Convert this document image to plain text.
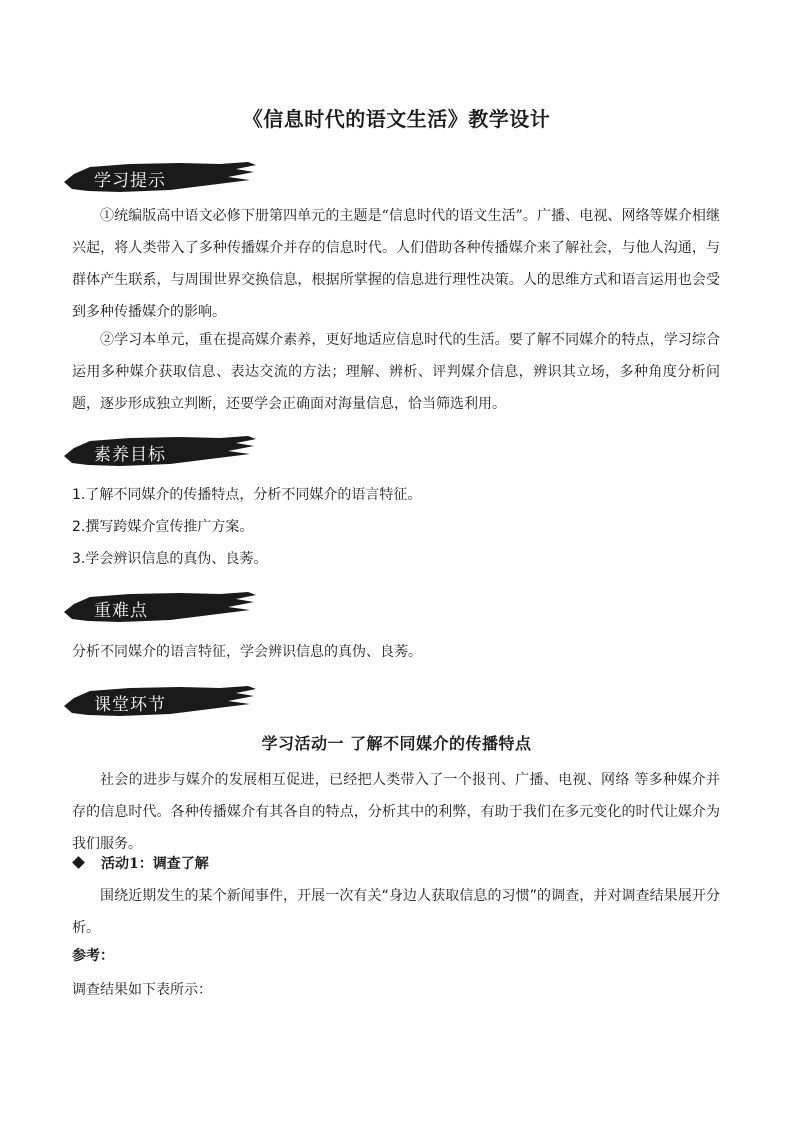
《信息时代的语文生活》教学设计
学习提示

①统编版高中语文必修下册第四单元的主题是“信息时代的语文生活”。广播、电视、网络等媒介相继兴起，将人类带入了多种传播媒介并存的信息时代。人们借助各种传播媒介来了解社会，与他人沟通，与群体产生联系，与周围世界交换信息，根据所掌握的信息进行理性决策。人的思维方式和语言运用也会受到多种传播媒介的影响。

②学习本单元，重在提高媒介素养，更好地适应信息时代的生活。要了解不同媒介的特点，学习综合运用多种媒介获取信息、表达交流的方法；理解、辨析、评判媒介信息，辨识其立场，多种角度分析问题，逐步形成独立判断，还要学会正确面对海量信息，恰当筛选利用。

素养目标

1.了解不同媒介的传播特点，分析不同媒介的语言特征。

2.撰写跨媒介宣传推广方案。

3.学会辨识信息的真伪、良莠。

重难点

分析不同媒介的语言特征，学会辨识信息的真伪、良莠。

课堂环节
学习活动一 了解不同媒介的传播特点

社会的进步与媒介的发展相互促进，已经把人类带入了一个报刊、广播、电视、网络 等多种媒介并存的信息时代。各种传播媒介有其各自的特点，分析其中的利弊，有助于我们在多元变化的时代让媒介为我们服务。

活动1：调查了解

围绕近期发生的某个新闻事件，开展一次有关“身边人获取信息的习惯”的调查，并对调查结果展开分析。

参考：

调查结果如下表所示：
